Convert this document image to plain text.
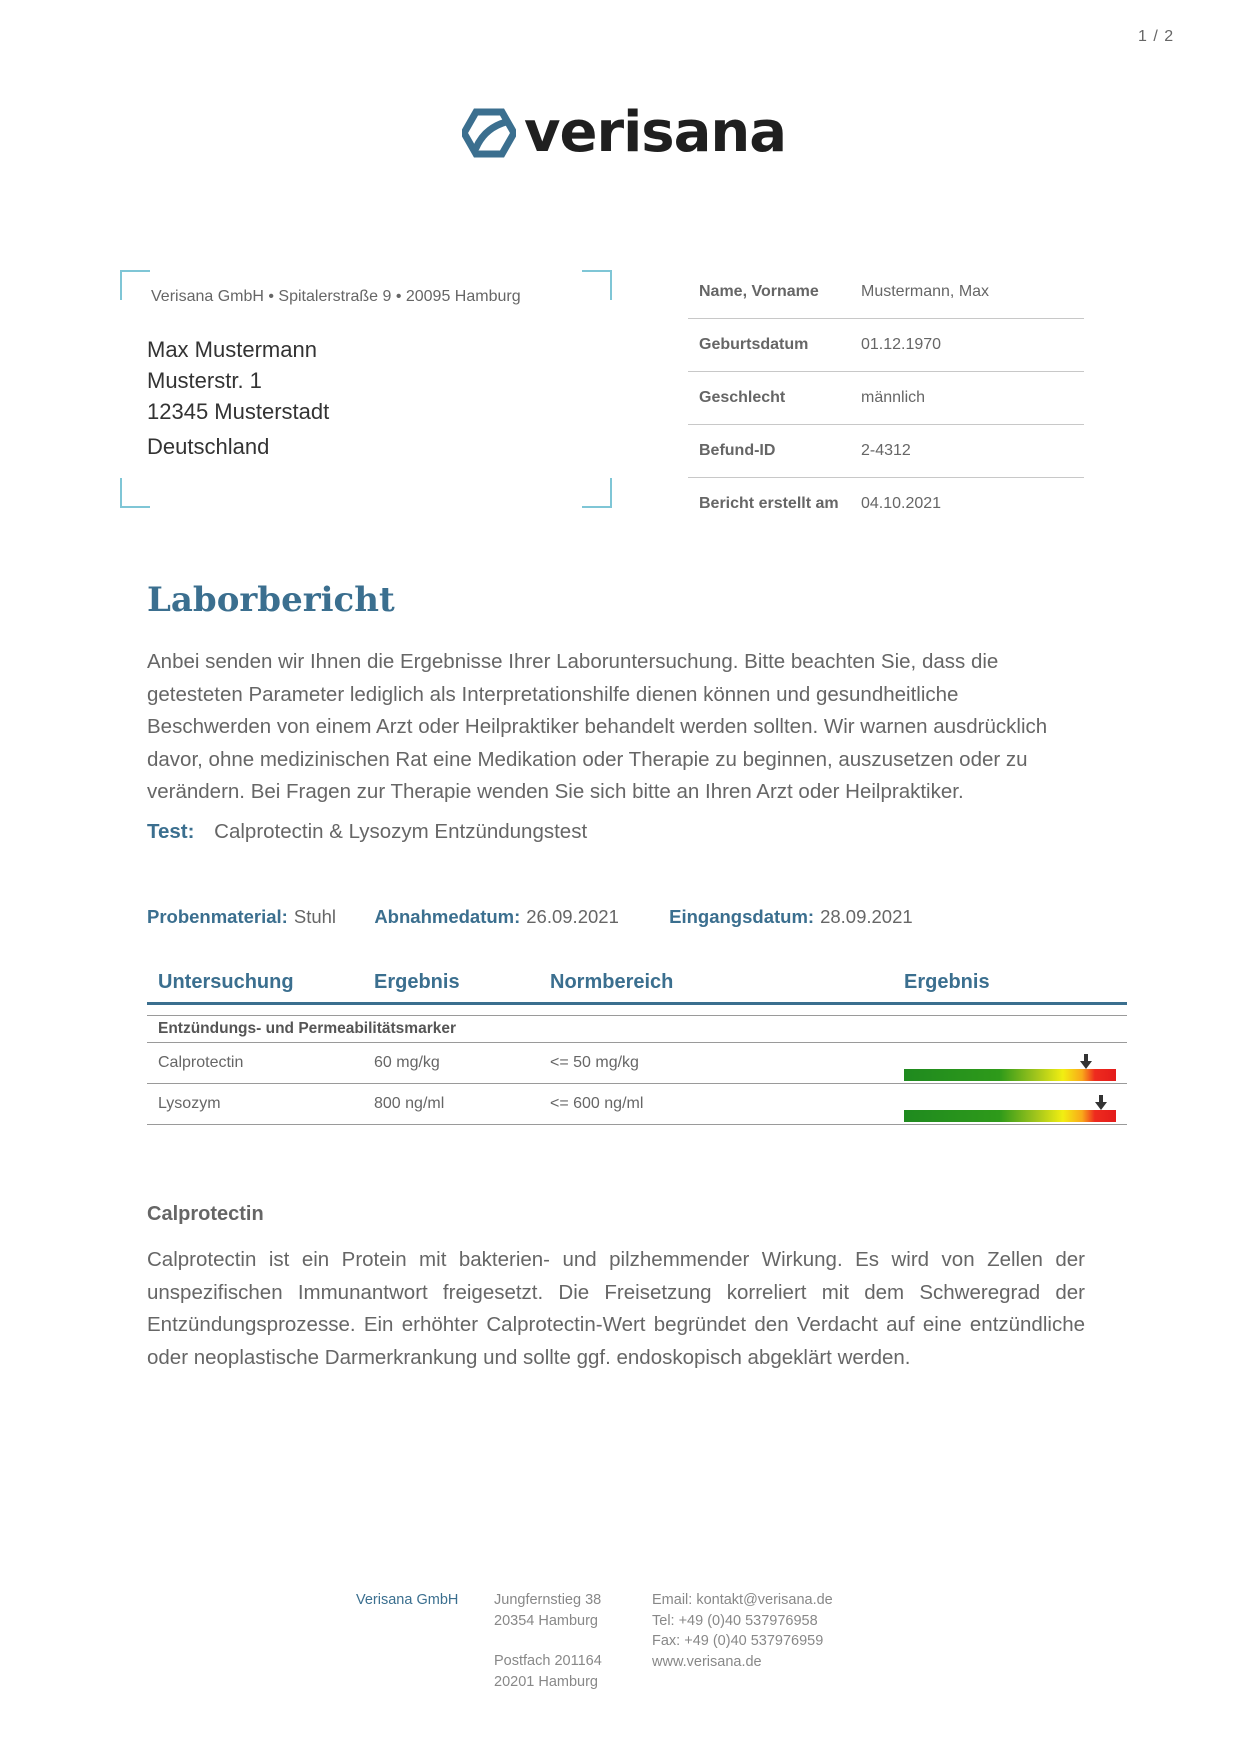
1 / 2
verisana
Verisana GmbH • Spitalerstraße 9 • 20095 Hamburg
Max Mustermann
Musterstr. 1
12345 Musterstadt
Deutschland
Name, Vorname	Mustermann, Max
Geburtsdatum	01.12.1970
Geschlecht	männlich
Befund-ID	2-4312
Bericht erstellt am	04.10.2021
Laborbericht
Anbei senden wir Ihnen die Ergebnisse Ihrer Laboruntersuchung. Bitte beachten Sie, dass die getesteten Parameter lediglich als Interpretationshilfe dienen können und gesundheitliche Beschwerden von einem Arzt oder Heilpraktiker behandelt werden sollten. Wir warnen ausdrücklich davor, ohne medizinischen Rat eine Medikation oder Therapie zu beginnen, auszusetzen oder zu verändern. Bei Fragen zur Therapie wenden Sie sich bitte an Ihren Arzt oder Heilpraktiker.
Test: Calprotectin & Lysozym Entzündungstest
Probenmaterial: Stuhl Abnahmedatum: 26.09.2021	Eingangsdatum: 28.09.2021
Untersuchung	Ergebnis	Normbereich	Ergebnis
Entzündungs- und Permeabilitätsmarker
Calprotectin	60 mg/kg	<= 50 mg/kg
Lysozym	800 ng/ml	<= 600 ng/ml
Calprotectin
Calprotectin ist ein Protein mit bakterien- und pilzhemmender Wirkung. Es wird von Zellen der unspezifischen Immunantwort freigesetzt. Die Freisetzung korreliert mit dem Schweregrad der Entzündungsprozesse. Ein erhöhter Calprotectin-Wert begründet den Verdacht auf eine entzündliche oder neoplastische Darmerkrankung und sollte ggf. endoskopisch abgeklärt werden.
Verisana GmbH Jungfernstieg 38
20354 Hamburg
Postfach 201164
20201 Hamburg
Email: kontakt@verisana.de
Tel: +49 (0)40 537976958
Fax: +49 (0)40 537976959
www.verisana.de
